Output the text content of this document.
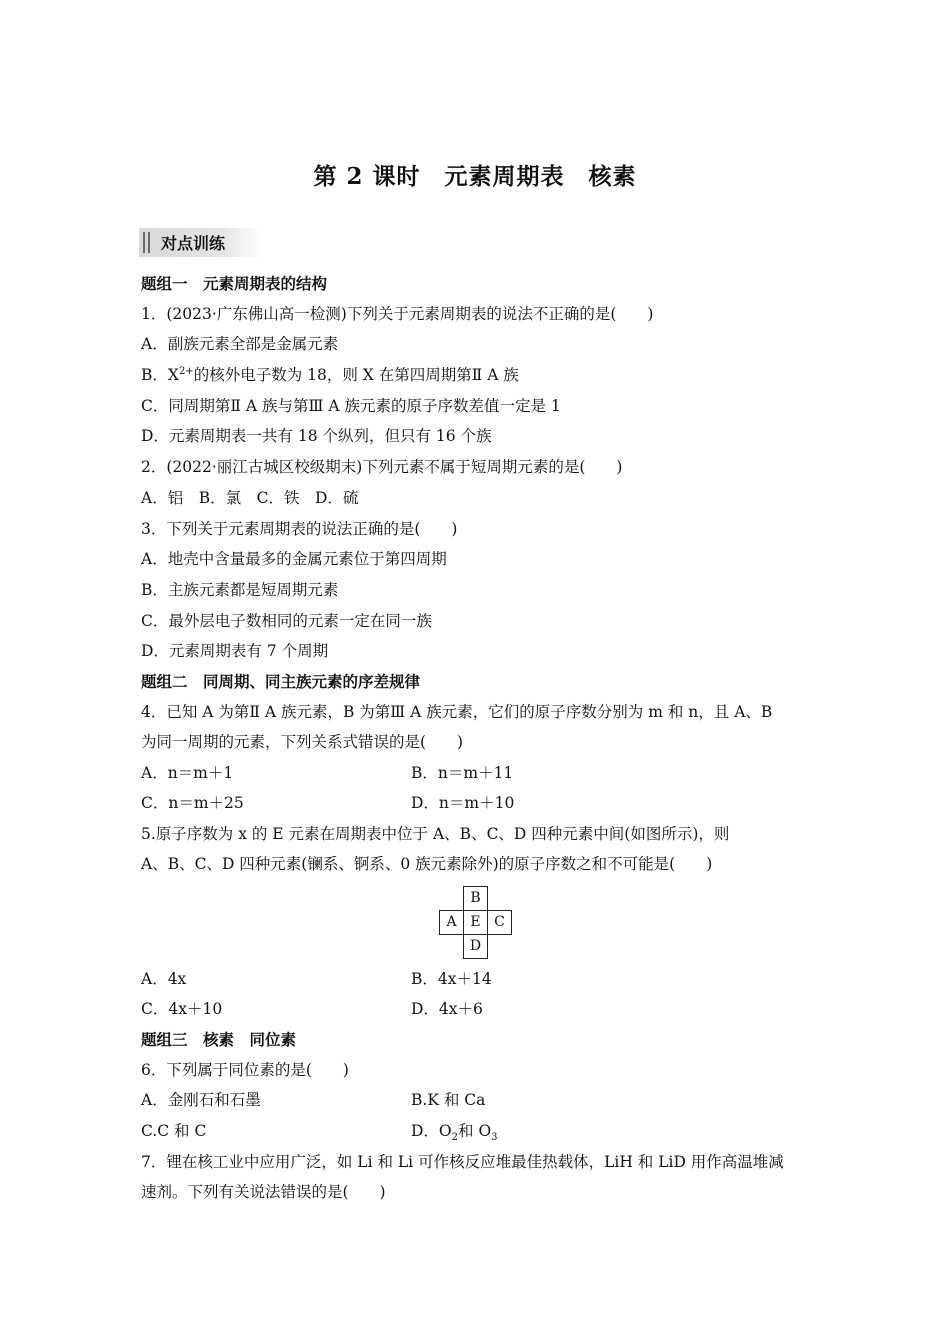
第 2 课时　元素周期表　核素
对点训练
题组一　元素周期表的结构
1．(2023·广东佛山高一检测)下列关于元素周期表的说法不正确的是(　　)
A．副族元素全部是金属元素
B．$X^{2+}$的核外电子数为 18，则 X 在第四周期第Ⅱ A 族
C．同周期第Ⅱ A 族与第Ⅲ A 族元素的原子序数差值一定是 1
D．元素周期表一共有 18 个纵列，但只有 16 个族
2．(2022·丽江古城区校级期末)下列元素不属于短周期元素的是(　　)
A．铝　B．氯　C．铁　D．硫
3．下列关于元素周期表的说法正确的是(　　)
A．地壳中含量最多的金属元素位于第四周期
B．主族元素都是短周期元素
C．最外层电子数相同的元素一定在同一族
D．元素周期表有 7 个周期
题组二　同周期、同主族元素的序差规律
4．已知 A 为第Ⅱ A 族元素，B 为第Ⅲ A 族元素，它们的原子序数分别为 m 和 n，且 A、B
为同一周期的元素，下列关系式错误的是(　　)
A．n＝m＋1	B．n＝m＋11
C．n＝m＋25	D．n＝m＋10
5.原子序数为 x 的 E 元素在周期表中位于 A、B、C、D 四种元素中间(如图所示)，则
A、B、C、D 四种元素(镧系、锕系、0 族元素除外)的原子序数之和不可能是(　　)
B
A E C
D
A．4x	B．4x＋14
C．4x＋10	D．4x＋6
题组三　核素　同位素
6．下列属于同位素的是(　　)
A．金刚石和石墨	B.K 和 Ca
C.C 和 C	D．$O_2$和 $O_3$
7．锂在核工业中应用广泛，如 Li 和 Li 可作核反应堆最佳热载体，LiH 和 LiD 用作高温堆减
速剂。下列有关说法错误的是(　　)
